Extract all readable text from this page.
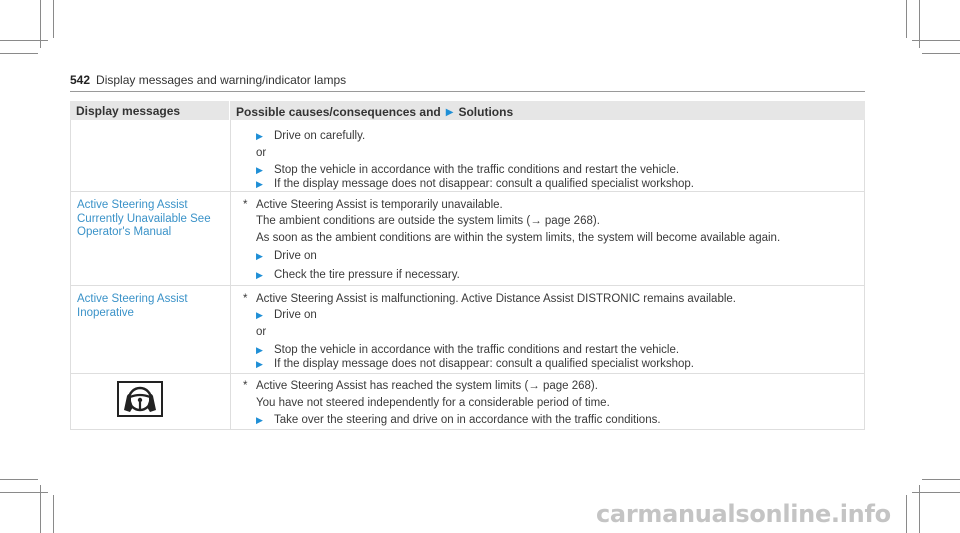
542 Display messages and warning/indicator lamps
Display messages	Possible causes/consequences and ▶ Solutions
▶ Drive on carefully.
or
▶ Stop the vehicle in accordance with the traffic conditions and restart the vehicle.
▶ If the display message does not disappear: consult a qualified specialist workshop.
Active Steering Assist Currently Unavailable See Operator's Manual
* Active Steering Assist is temporarily unavailable.
The ambient conditions are outside the system limits (→ page 268).
As soon as the ambient conditions are within the system limits, the system will become available again.
▶ Drive on
▶ Check the tire pressure if necessary.
Active Steering Assist Inoperative
* Active Steering Assist is malfunctioning. Active Distance Assist DISTRONIC remains available.
▶ Drive on
or
▶ Stop the vehicle in accordance with the traffic conditions and restart the vehicle.
▶ If the display message does not disappear: consult a qualified specialist workshop.
* Active Steering Assist has reached the system limits (→ page 268).
You have not steered independently for a considerable period of time.
▶ Take over the steering and drive on in accordance with the traffic conditions.
carmanualsonline.info
